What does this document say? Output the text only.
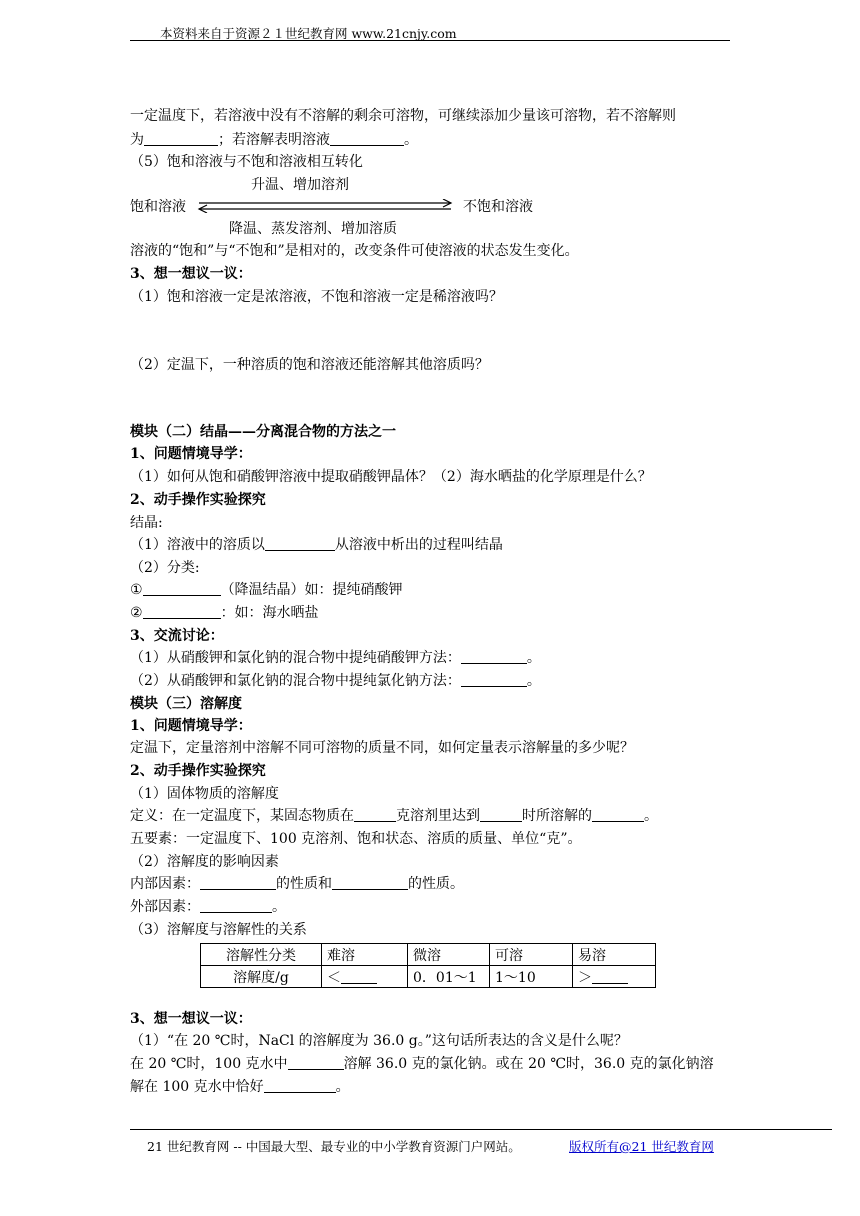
本资料来自于资源２１世纪教育网 www.21cnjy.com
一定温度下，若溶液中没有不溶解的剩余可溶物，可继续添加少量该可溶物，若不溶解则
为	；若溶解表明溶液	。
（5）饱和溶液与不饱和溶液相互转化
升温、增加溶剂
饱和溶液	不饱和溶液
降温、蒸发溶剂、增加溶质
溶液的“饱和”与“不饱和”是相对的，改变条件可使溶液的状态发生变化。
3、想一想议一议：
（1）饱和溶液一定是浓溶液，不饱和溶液一定是稀溶液吗？
（2）定温下，一种溶质的饱和溶液还能溶解其他溶质吗？
模块（二）结晶——分离混合物的方法之一
1、问题情境导学：
（1）如何从饱和硝酸钾溶液中提取硝酸钾晶体？（2）海水晒盐的化学原理是什么？
2、动手操作实验探究
结晶:
（1）溶液中的溶质以	从溶液中析出的过程叫结晶
（2）分类:
①	（降温结晶）如：提纯硝酸钾
②	：如：海水晒盐
3、交流讨论：
（1）从硝酸钾和氯化钠的混合物中提纯硝酸钾方法：	。
（2）从硝酸钾和氯化钠的混合物中提纯氯化钠方法：	。
模块（三）溶解度
1、问题情境导学：
定温下，定量溶剂中溶解不同可溶物的质量不同，如何定量表示溶解量的多少呢？
2、动手操作实验探究
（1）固体物质的溶解度
定义：在一定温度下，某固态物质在	克溶剂里达到	时所溶解的	。
五要素：一定温度下、100 克溶剂、饱和状态、溶质的质量、单位“克”。
（2）溶解度的影响因素
内部因素：	的性质和	的性质。
外部因素：	。
（3）溶解度与溶解性的关系
溶解性分类	难溶	微溶	可溶	易溶
溶解度/g	＜	0．01～1	1～10	＞
3、想一想议一议：
（1）“在 20 ℃时，NaCl 的溶解度为 36.0 g。”这句话所表达的含义是什么呢？
在 20 ℃时，100 克水中	溶解 36.0 克的氯化钠。或在 20 ℃时，36.0 克的氯化钠溶
解在 100 克水中恰好	。
21 世纪教育网 -- 中国最大型、最专业的中小学教育资源门户网站。	版权所有@21 世纪教育网
